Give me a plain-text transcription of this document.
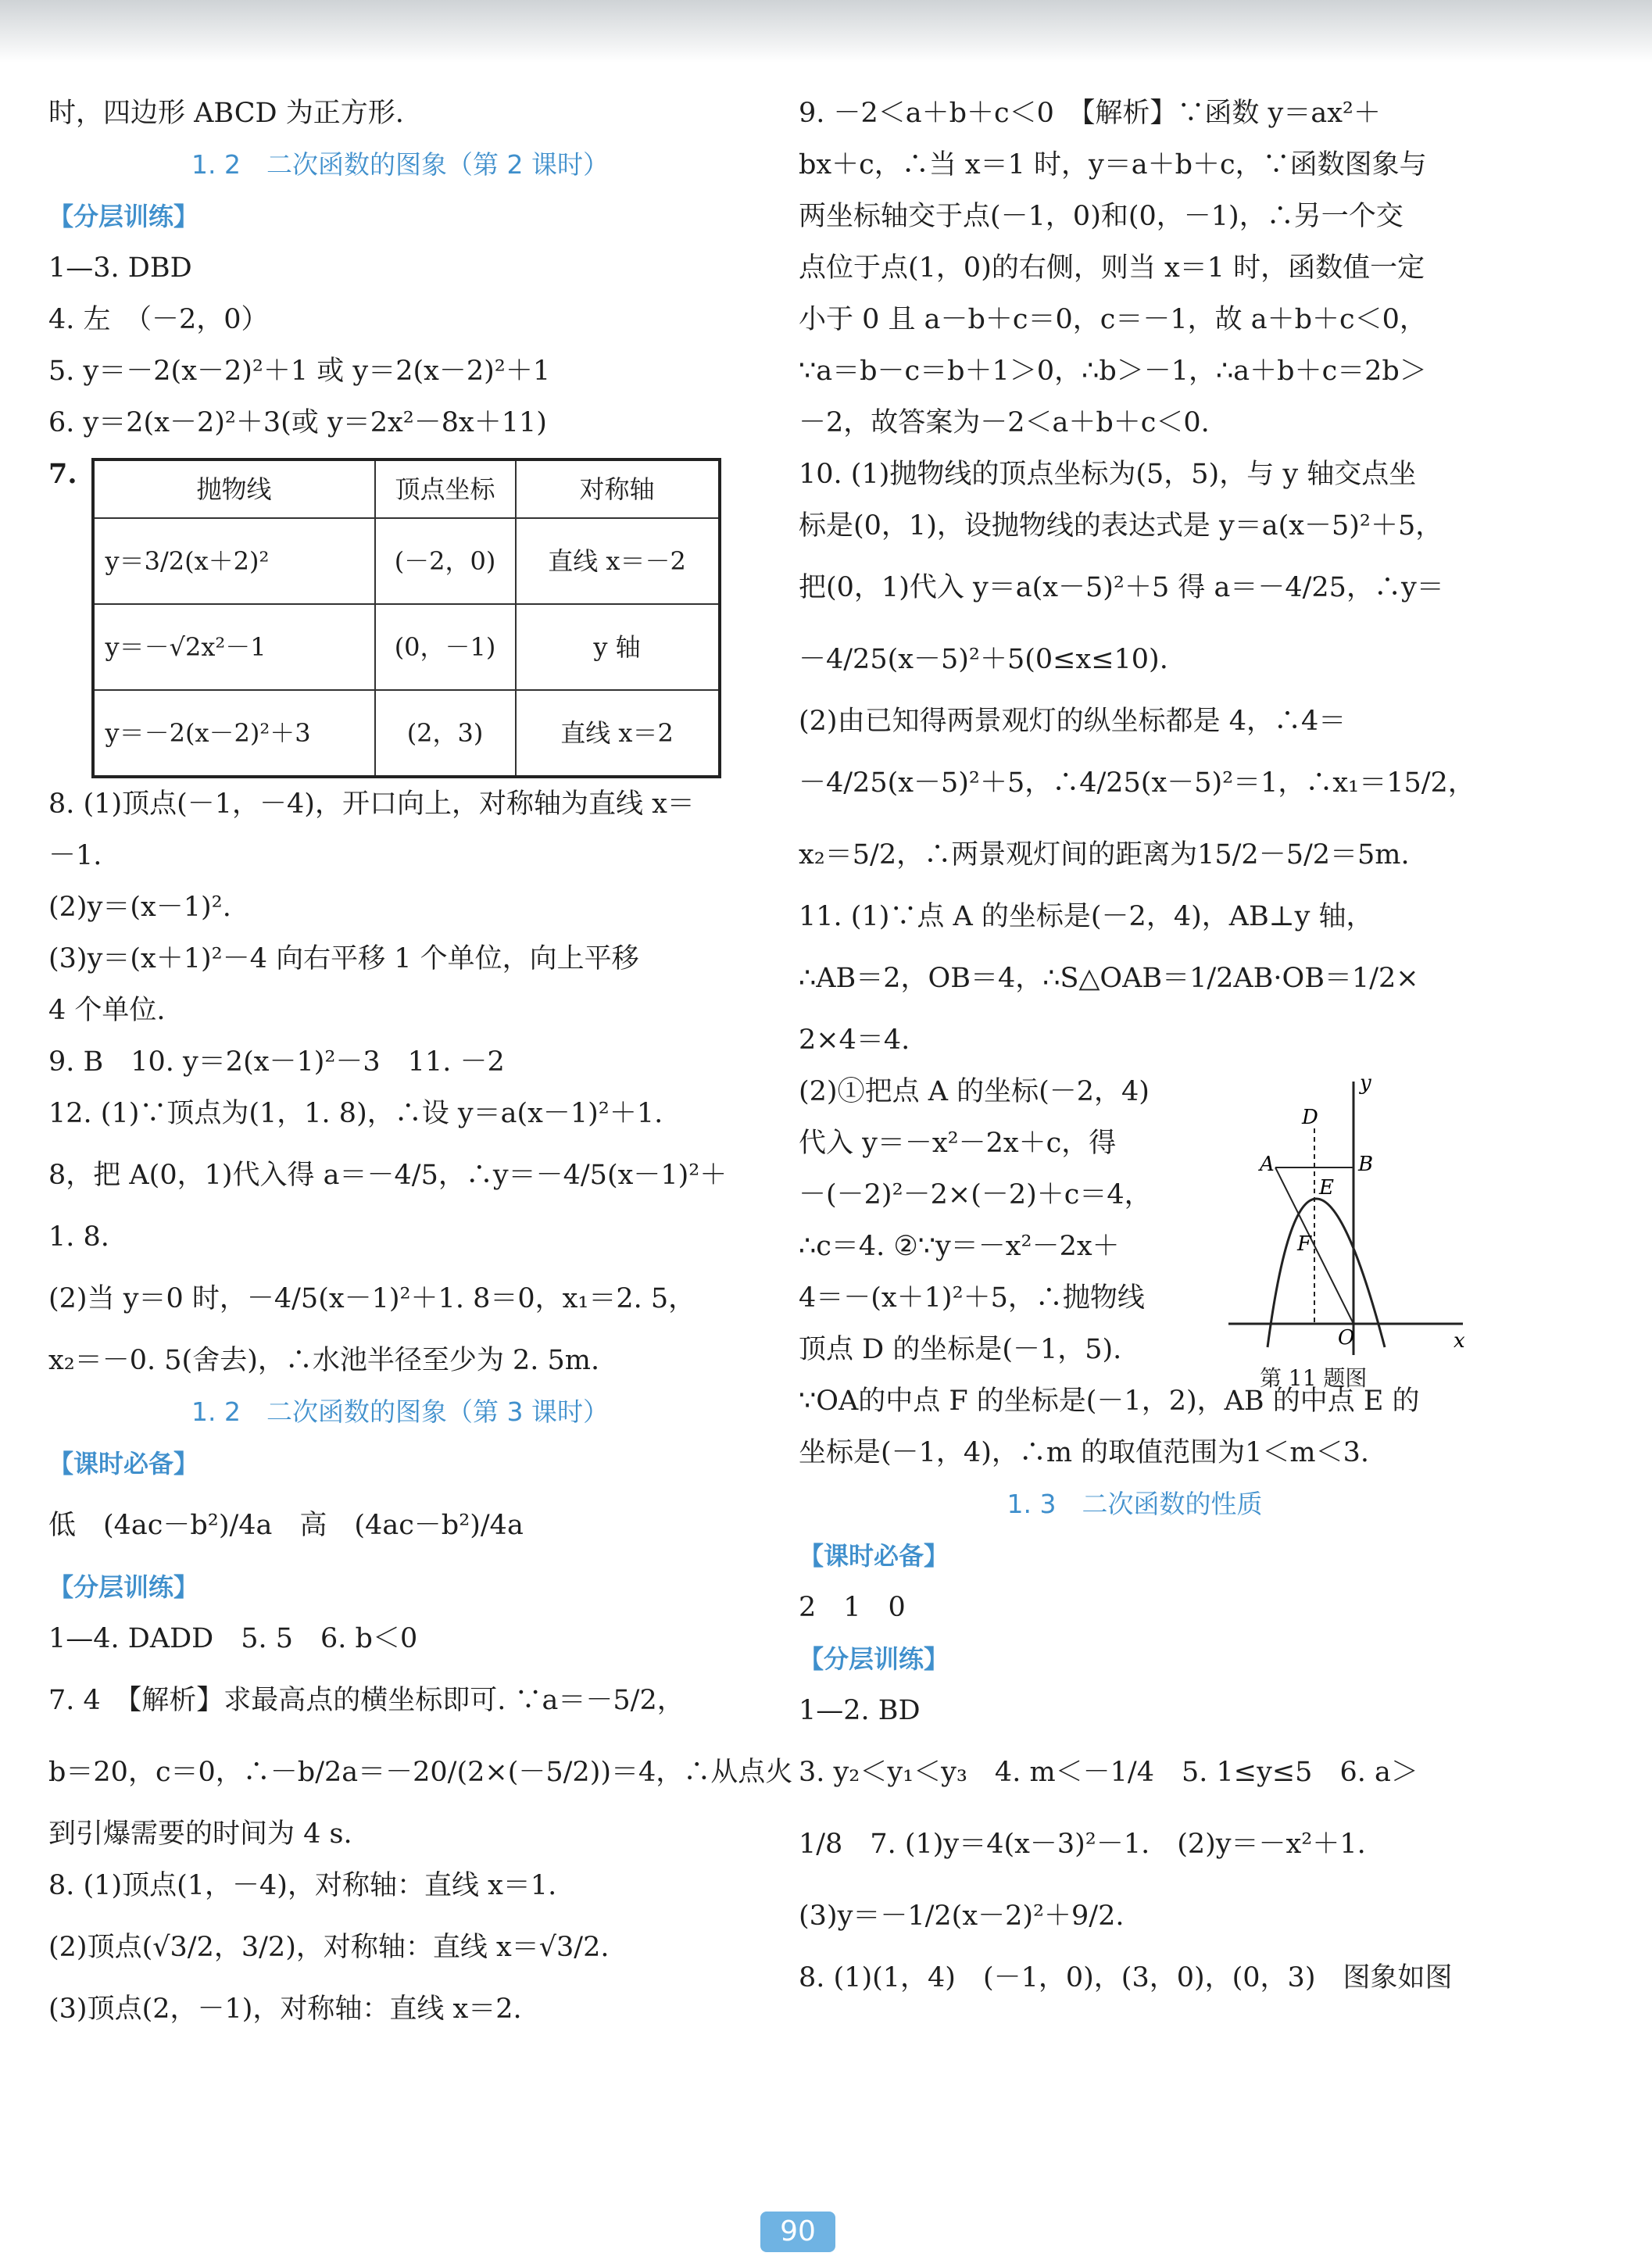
时，四边形 ABCD 为正方形.
1. 2　二次函数的图象（第 2 课时）
【分层训练】
1—3. DBD
4. 左　（－2，0）
5. y＝－2(x－2)²＋1 或 y＝2(x－2)²＋1
6. y＝2(x－2)²＋3(或 y＝2x²－8x＋11)
7.	抛物线	顶点坐标	对称轴
y＝3/2(x＋2)²	(－2，0)	直线 x＝－2
y＝－√2x²－1	(0，－1)	y 轴
y＝－2(x－2)²＋3	(2，3)	直线 x＝2
8. (1)顶点(－1，－4)，开口向上，对称轴为直线 x＝
－1.
(2)y＝(x－1)².
(3)y＝(x＋1)²－4 向右平移 1 个单位，向上平移
4 个单位.
9. B　10. y＝2(x－1)²－3　11. －2
12. (1)∵顶点为(1，1. 8)，∴设 y＝a(x－1)²＋1.
8，把 A(0，1)代入得 a＝－4/5，∴y＝－4/5(x－1)²＋
1. 8.
(2)当 y＝0 时，－4/5(x－1)²＋1. 8＝0，x₁＝2. 5，
x₂＝－0. 5(舍去)，∴水池半径至少为 2. 5m.
1. 2　二次函数的图象（第 3 课时）
【课时必备】
低　(4ac－b²)/4a　高　(4ac－b²)/4a
【分层训练】
1—4. DADD　5. 5　6. b＜0
7. 4　【解析】求最高点的横坐标即可. ∵a＝－5/2，
b＝20，c＝0，∴－b/2a＝－20/(2×(－5/2))＝4，∴从点火
到引爆需要的时间为 4 s.
8. (1)顶点(1，－4)，对称轴：直线 x＝1.
(2)顶点(√3/2，3/2)，对称轴：直线 x＝√3/2.
(3)顶点(2，－1)，对称轴：直线 x＝2.
9. －2＜a＋b＋c＜0　【解析】∵函数 y＝ax²＋
bx＋c，∴当 x＝1 时，y＝a＋b＋c，∵函数图象与
两坐标轴交于点(－1，0)和(0，－1)，∴另一个交
点位于点(1，0)的右侧，则当 x＝1 时，函数值一定
小于 0 且 a－b＋c＝0，c＝－1，故 a＋b＋c＜0，
∵a＝b－c＝b＋1＞0，∴b＞－1，∴a＋b＋c＝2b＞
－2，故答案为－2＜a＋b＋c＜0.
10. (1)抛物线的顶点坐标为(5，5)，与 y 轴交点坐
标是(0，1)，设抛物线的表达式是 y＝a(x－5)²＋5，
把(0，1)代入 y＝a(x－5)²＋5 得 a＝－4/25，∴y＝
－4/25(x－5)²＋5(0≤x≤10).
(2)由已知得两景观灯的纵坐标都是 4，∴4＝
－4/25(x－5)²＋5，∴4/25(x－5)²＝1，∴x₁＝15/2，
x₂＝5/2，∴两景观灯间的距离为15/2－5/2＝5m.
11. (1)∵点 A 的坐标是(－2，4)，AB⊥y 轴，
∴AB＝2，OB＝4，∴S△OAB＝1/2AB·OB＝1/2×
2×4＝4.
(2)①把点 A 的坐标(－2，4)
代入 y＝－x²－2x＋c，得
－(－2)²－2×(－2)＋c＝4，
∴c＝4. ②∵y＝－x²－2x＋
4＝－(x＋1)²＋5，∴抛物线
顶点 D 的坐标是(－1，5).
y
x
D
A	B
E
F
O
第 11 题图
∵OA的中点 F 的坐标是(－1，2)，AB 的中点 E 的
坐标是(－1，4)，∴m 的取值范围为1＜m＜3.
1. 3　二次函数的性质
【课时必备】
2　1　0
【分层训练】
1—2. BD
3. y₂＜y₁＜y₃　4. m＜－1/4　5. 1≤y≤5　6. a＞
1/8　7. (1)y＝4(x－3)²－1.　(2)y＝－x²＋1.
(3)y＝－1/2(x－2)²＋9/2.
8. (1)(1，4)　(－1，0)，(3，0)，(0，3)　图象如图
90
